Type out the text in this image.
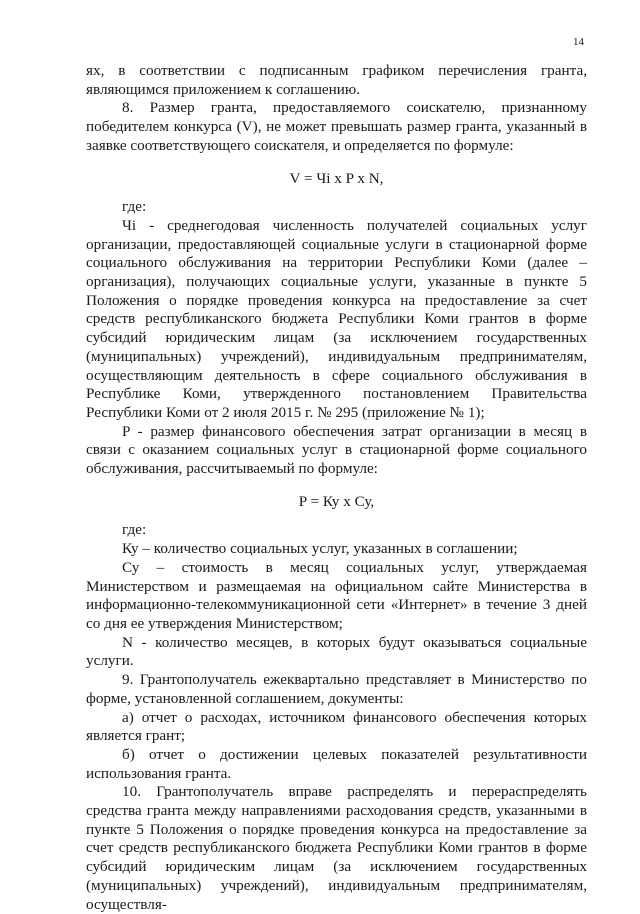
14

ях, в соответствии с подписанным графиком перечисления гранта, являющимся приложением к соглашению.

8. Размер гранта, предоставляемого соискателю, признанному победителем конкурса (V), не может превышать размер гранта, указанный в заявке соответствующего соискателя, и определяется по формуле:

V = Чi x P x N,

где:

Чi - среднегодовая численность получателей социальных услуг организации, предоставляющей социальные услуги в стационарной форме социального обслуживания на территории Республики Коми (далее – организация), получающих социальные услуги, указанные в пункте 5 Положения о порядке проведения конкурса на предоставление за счет средств республиканского бюджета Республики Коми грантов в форме субсидий юридическим лицам (за исключением государственных (муниципальных) учреждений), индивидуальным предпринимателям, осуществляющим деятельность в сфере социального обслуживания в Республике Коми, утвержденного постановлением Правительства Республики Коми от 2 июля 2015 г. № 295 (приложение № 1);

P - размер финансового обеспечения затрат организации в месяц в связи с оказанием социальных услуг в стационарной форме социального обслуживания, рассчитываемый по формуле:

P = Ку x Су,

где:

Ку – количество социальных услуг, указанных в соглашении;

Су – стоимость в месяц социальных услуг, утверждаемая Министерством и размещаемая на официальном сайте Министерства в информационно-телекоммуникационной сети «Интернет» в течение 3 дней со дня ее утверждения Министерством;

N - количество месяцев, в которых будут оказываться социальные услуги.

9. Грантополучатель ежеквартально представляет в Министерство по форме, установленной соглашением, документы:

а) отчет о расходах, источником финансового обеспечения которых является грант;

б) отчет о достижении целевых показателей результативности использования гранта.

10. Грантополучатель вправе распределять и перераспределять средства гранта между направлениями расходования средств, указанными в пункте 5 Положения о порядке проведения конкурса на предоставление за счет средств республиканского бюджета Республики Коми грантов в форме субсидий юридическим лицам (за исключением государственных (муниципальных) учреждений), индивидуальным предпринимателям, осуществля-
